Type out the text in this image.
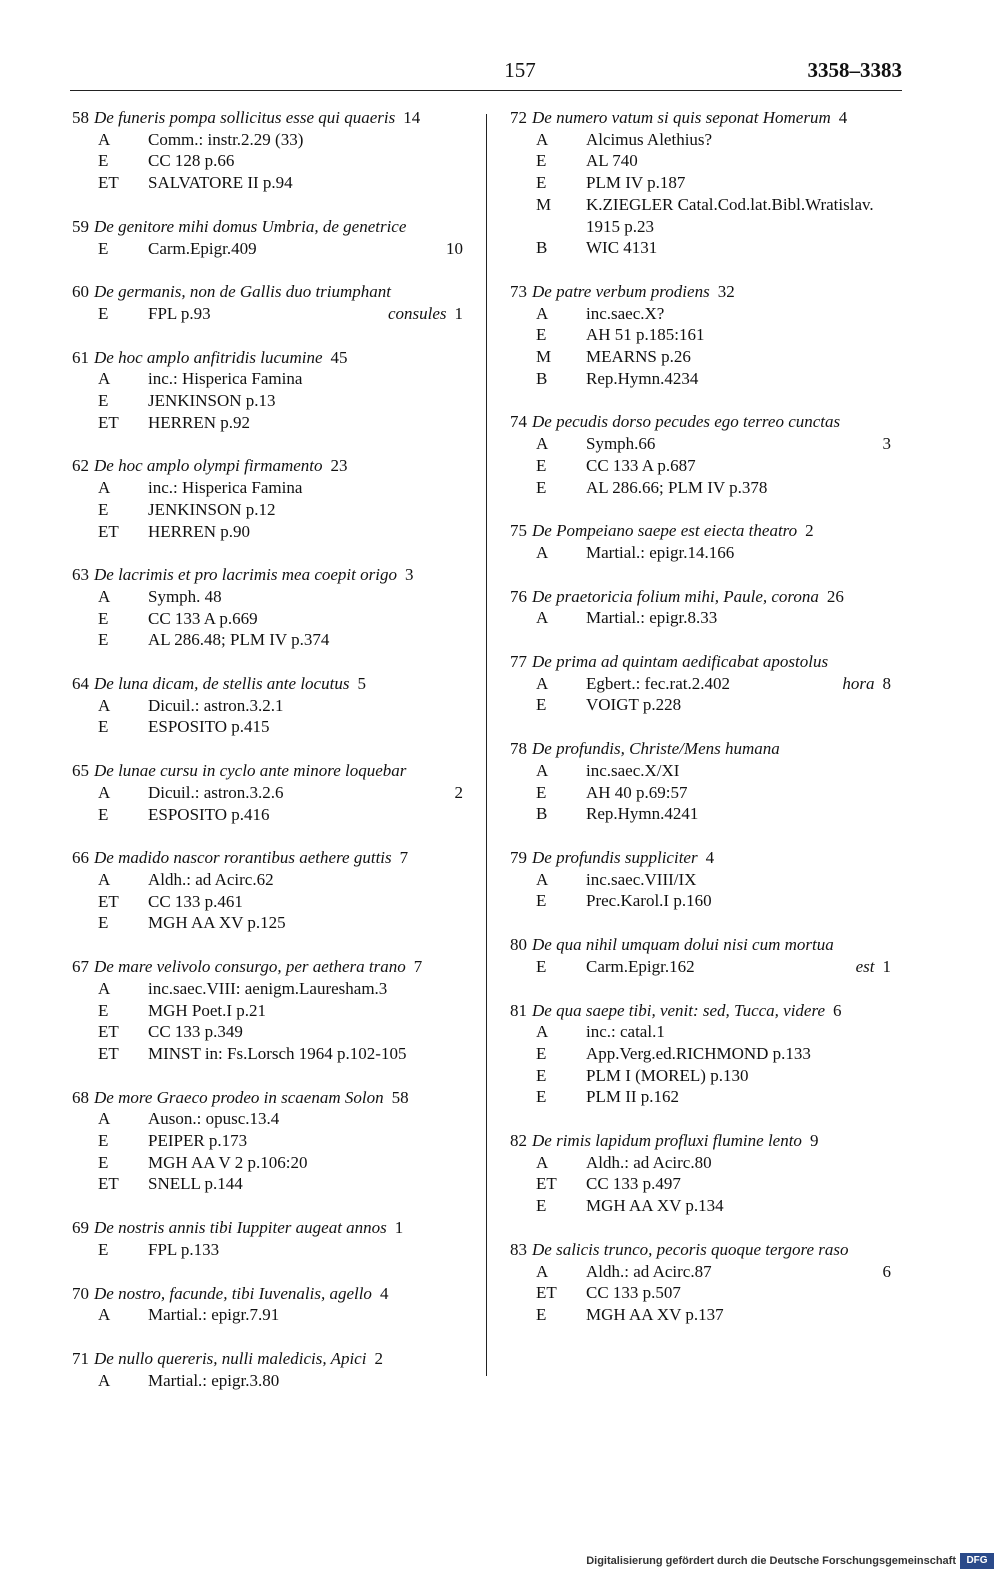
157	3358–3383
58 De funeris pompa sollicitus esse qui quaeris 14
A Comm.: instr.2.29 (33)
E CC 128 p.66
ET SALVATORE II p.94
59 De genitore mihi domus Umbria, de genetrice
E Carm.Epigr.409	10
60 De germanis, non de Gallis duo triumphant
E FPL p.93	consules 1
61 De hoc amplo anfitridis lucumine 45
A inc.: Hisperica Famina
E JENKINSON p.13
ET HERREN p.92
62 De hoc amplo olympi firmamento 23
A inc.: Hisperica Famina
E JENKINSON p.12
ET HERREN p.90
63 De lacrimis et pro lacrimis mea coepit origo 3
A Symph. 48
E CC 133 A p.669
E AL 286.48; PLM IV p.374
64 De luna dicam, de stellis ante locutus 5
A Dicuil.: astron.3.2.1
E ESPOSITO p.415
65 De lunae cursu in cyclo ante minore loquebar
A Dicuil.: astron.3.2.6	2
E ESPOSITO p.416
66 De madido nascor rorantibus aethere guttis 7
A Aldh.: ad Acirc.62
ET CC 133 p.461
E MGH AA XV p.125
67 De mare velivolo consurgo, per aethera trano 7
A inc.saec.VIII: aenigm.Lauresham.3
E MGH Poet.I p.21
ET CC 133 p.349
ET MINST in: Fs.Lorsch 1964 p.102-105
68 De more Graeco prodeo in scaenam Solon 58
A Auson.: opusc.13.4
E PEIPER p.173
E MGH AA V 2 p.106:20
ET SNELL p.144
69 De nostris annis tibi Iuppiter augeat annos 1
E FPL p.133
70 De nostro, facunde, tibi Iuvenalis, agello 4
A Martial.: epigr.7.91
71 De nullo quereris, nulli maledicis, Apici 2
A Martial.: epigr.3.80
72 De numero vatum si quis seponat Homerum 4
A Alcimus Alethius?
E AL 740
E PLM IV p.187
M K.ZIEGLER Catal.Cod.lat.Bibl.Wratislav.
1915 p.23
B WIC 4131
73 De patre verbum prodiens 32
A inc.saec.X?
E AH 51 p.185:161
M MEARNS p.26
B Rep.Hymn.4234
74 De pecudis dorso pecudes ego terreo cunctas
A Symph.66	3
E CC 133 A p.687
E AL 286.66; PLM IV p.378
75 De Pompeiano saepe est eiecta theatro 2
A Martial.: epigr.14.166
76 De praetoricia folium mihi, Paule, corona 26
A Martial.: epigr.8.33
77 De prima ad quintam aedificabat apostolus
A Egbert.: fec.rat.2.402	hora 8
E VOIGT p.228
78 De profundis, Christe/Mens humana
A inc.saec.X/XI
E AH 40 p.69:57
B Rep.Hymn.4241
79 De profundis suppliciter 4
A inc.saec.VIII/IX
E Prec.Karol.I p.160
80 De qua nihil umquam dolui nisi cum mortua
E Carm.Epigr.162	est 1
81 De qua saepe tibi, venit: sed, Tucca, videre 6
A inc.: catal.1
E App.Verg.ed.RICHMOND p.133
E PLM I (MOREL) p.130
E PLM II p.162
82 De rimis lapidum profluxi flumine lento 9
A Aldh.: ad Acirc.80
ET CC 133 p.497
E MGH AA XV p.134
83 De salicis trunco, pecoris quoque tergore raso
A Aldh.: ad Acirc.87	6
ET CC 133 p.507
E MGH AA XV p.137
Digitalisierung gefördert durch die Deutsche Forschungsgemeinschaft	DFG
